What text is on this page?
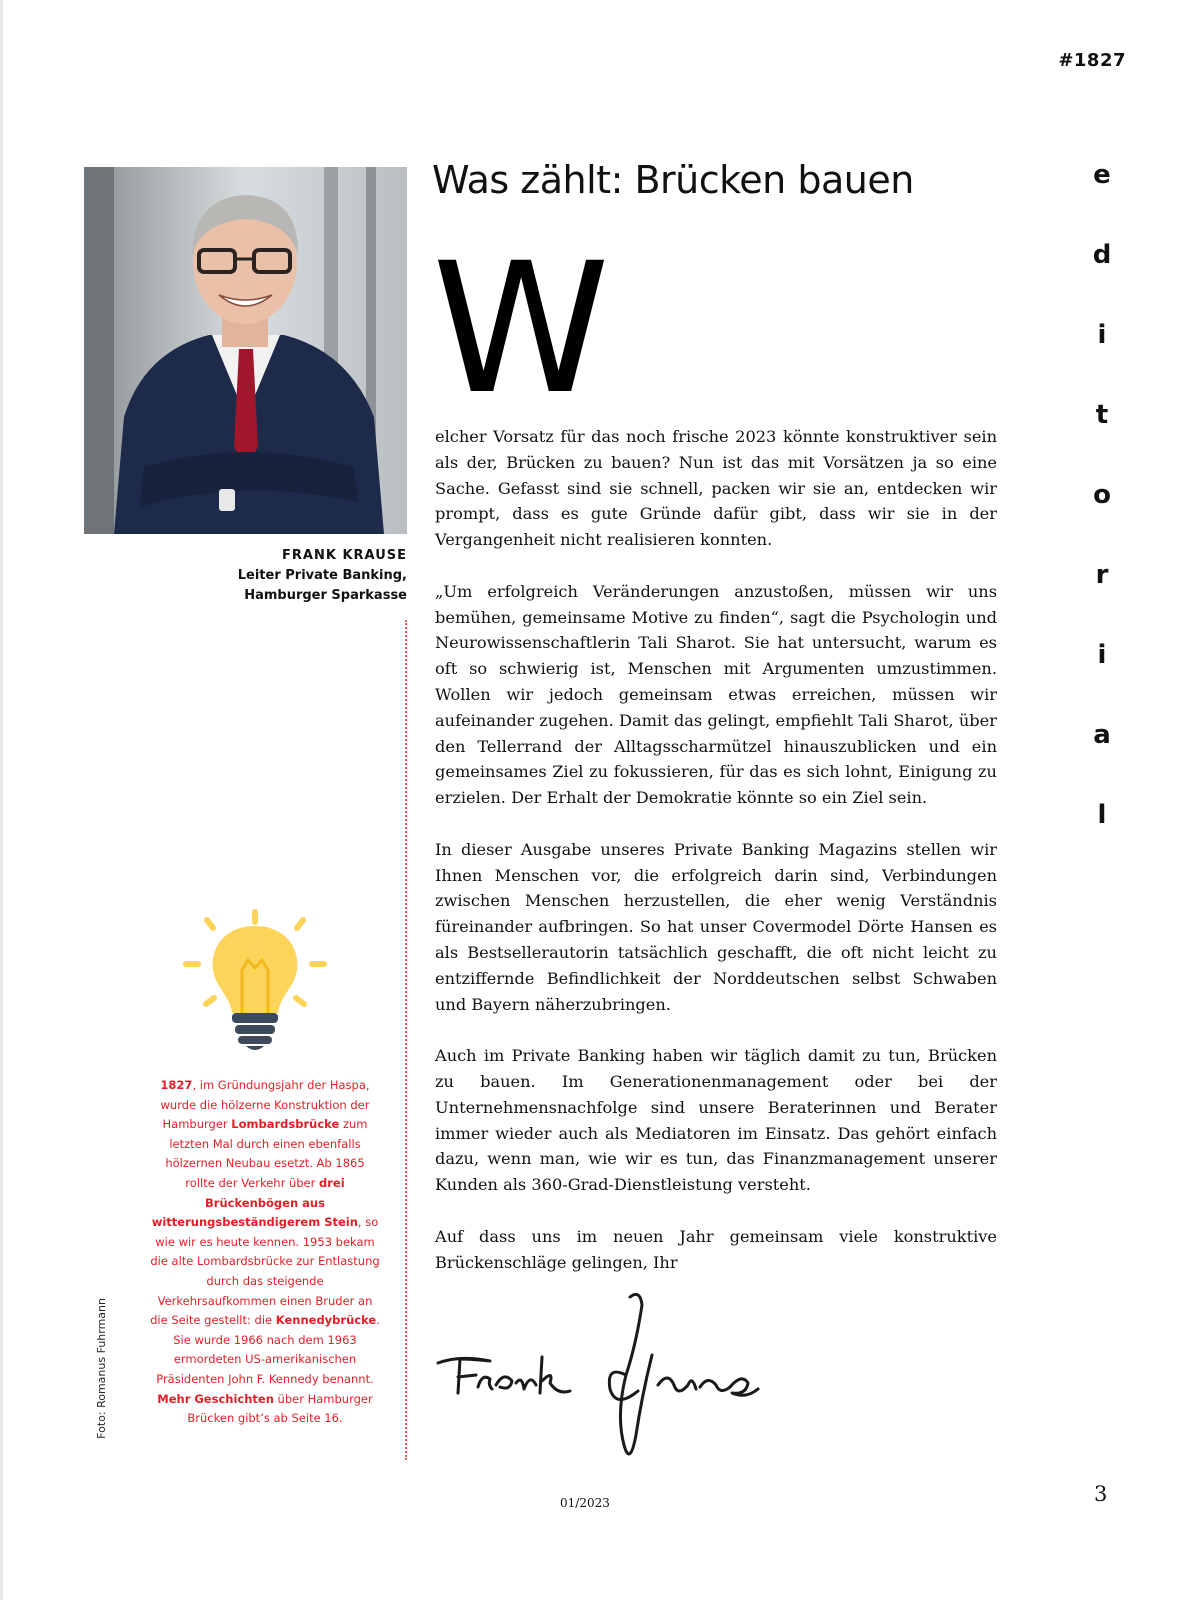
#1827
e
d
i
t
o
r
i
a
l
FRANK KRAUSE
Leiter Private Banking,
Hamburger Sparkasse
1827, im Gründungsjahr der Haspa, wurde die hölzerne Konstruktion der Hamburger Lombardsbrücke zum letzten Mal durch einen ebenfalls hölzernen Neubau esetzt. Ab 1865 rollte der Verkehr über drei Brückenbögen aus witterungsbeständigerem Stein, so wie wir es heute kennen. 1953 bekam die alte Lombardsbrücke zur Entlastung durch das steigende Verkehrsaufkommen einen Bruder an die Seite gestellt: die Kennedybrücke. Sie wurde 1966 nach dem 1963 ermordeten US-amerikanischen Präsidenten John F. Kennedy benannt. Mehr Geschichten über Hamburger Brücken gibt’s ab Seite 16.
Foto: Romanus Fuhrmann
Was zählt: Brücken bauen
W

elcher Vorsatz für das noch frische 2023 könnte konstruktiver sein als der, Brücken zu bauen? Nun ist das mit Vorsätzen ja so eine Sache. Gefasst sind sie schnell, packen wir sie an, entdecken wir prompt, dass es gute Gründe dafür gibt, dass wir sie in der Vergangenheit nicht realisieren konnten.

„Um erfolgreich Veränderungen anzustoßen, müssen wir uns bemühen, gemeinsame Motive zu finden“, sagt die Psychologin und Neurowissenschaftlerin Tali Sharot. Sie hat untersucht, warum es oft so schwierig ist, Menschen mit Argumenten umzustimmen. Wollen wir jedoch gemeinsam etwas erreichen, müssen wir aufeinander zugehen. Damit das gelingt, empfiehlt Tali Sharot, über den Tellerrand der Alltagsscharmützel hinauszublicken und ein gemeinsames Ziel zu fokussieren, für das es sich lohnt, Einigung zu erzielen. Der Erhalt der Demokratie könnte so ein Ziel sein.

In dieser Ausgabe unseres Private Banking Magazins stellen wir Ihnen Menschen vor, die erfolgreich darin sind, Verbindungen zwischen Menschen herzustellen, die eher wenig Verständnis füreinander aufbringen. So hat unser Covermodel Dörte Hansen es als Bestsellerautorin tatsächlich geschafft, die oft nicht leicht zu entziffernde Befindlichkeit der Norddeutschen selbst Schwaben und Bayern näherzubringen.

Auch im Private Banking haben wir täglich damit zu tun, Brücken zu bauen. Im Generationenmanagement oder bei der Unternehmensnachfolge sind unsere Beraterinnen und Berater immer wieder auch als Mediatoren im Einsatz. Das gehört einfach dazu, wenn man, wie wir es tun, das Finanzmanagement unserer Kunden als 360-Grad-Dienstleistung versteht.

Auf dass uns im neuen Jahr gemeinsam viele konstruktive Brückenschläge gelingen, Ihr

01/2023	3
